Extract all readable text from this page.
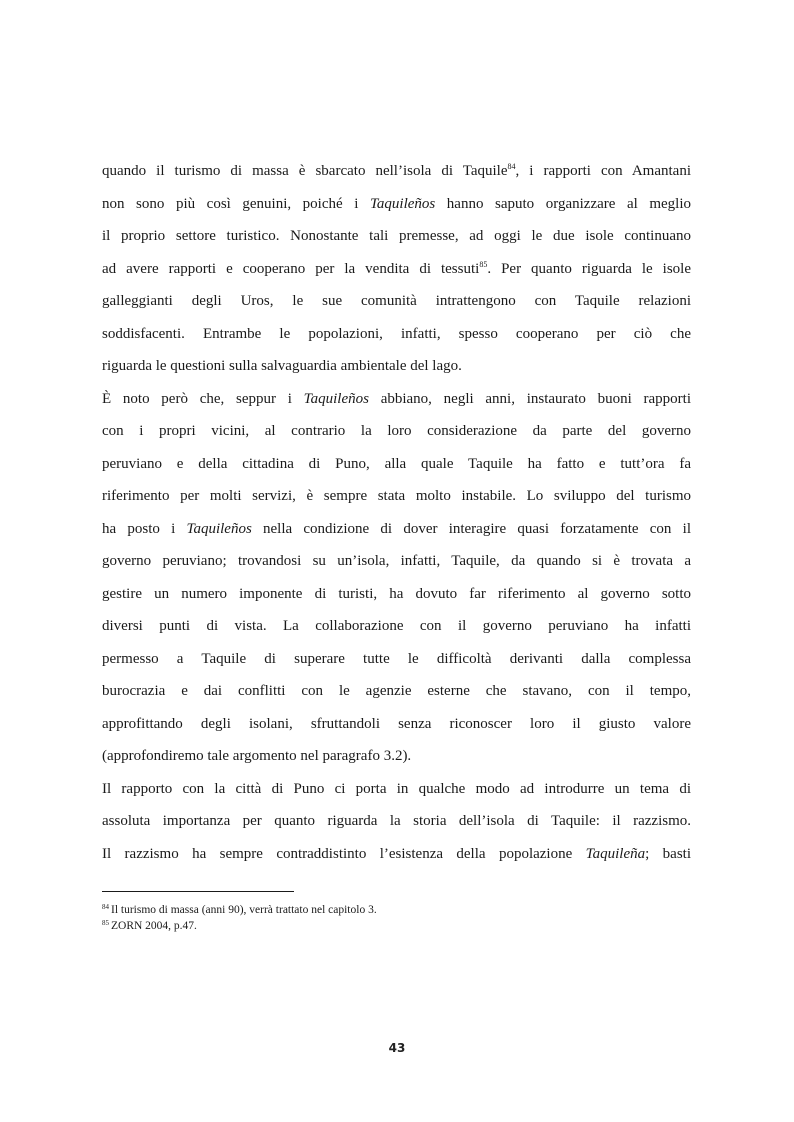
quando il turismo di massa è sbarcato nell’isola di Taquile$^{84}$, i rapporti con Amantani
non sono più così genuini, poiché i Taquileños hanno saputo organizzare al meglio
il proprio settore turistico. Nonostante tali premesse, ad oggi le due isole continuano
ad avere rapporti e cooperano per la vendita di tessuti$^{85}$. Per quanto riguarda le isole
galleggianti degli Uros, le sue comunità intrattengono con Taquile relazioni
soddisfacenti. Entrambe le popolazioni, infatti, spesso cooperano per ciò che
riguarda le questioni sulla salvaguardia ambientale del lago.
È noto però che, seppur i Taquileños abbiano, negli anni, instaurato buoni rapporti
con i propri vicini, al contrario la loro considerazione da parte del governo
peruviano e della cittadina di Puno, alla quale Taquile ha fatto e tutt’ora fa
riferimento per molti servizi, è sempre stata molto instabile. Lo sviluppo del turismo
ha posto i Taquileños nella condizione di dover interagire quasi forzatamente con il
governo peruviano; trovandosi su un’isola, infatti, Taquile, da quando si è trovata a
gestire un numero imponente di turisti, ha dovuto far riferimento al governo sotto
diversi punti di vista. La collaborazione con il governo peruviano ha infatti
permesso a Taquile di superare tutte le difficoltà derivanti dalla complessa
burocrazia e dai conflitti con le agenzie esterne che stavano, con il tempo,
approfittando degli isolani, sfruttandoli senza riconoscer loro il giusto valore
(approfondiremo tale argomento nel paragrafo 3.2).
Il rapporto con la città di Puno ci porta in qualche modo ad introdurre un tema di
assoluta importanza per quanto riguarda la storia dell’isola di Taquile: il razzismo.
Il razzismo ha sempre contraddistinto l’esistenza della popolazione Taquileña; basti
$^{84}$ Il turismo di massa (anni 90), verrà trattato nel capitolo 3.
$^{85}$ ZORN 2004, p.47.
43
